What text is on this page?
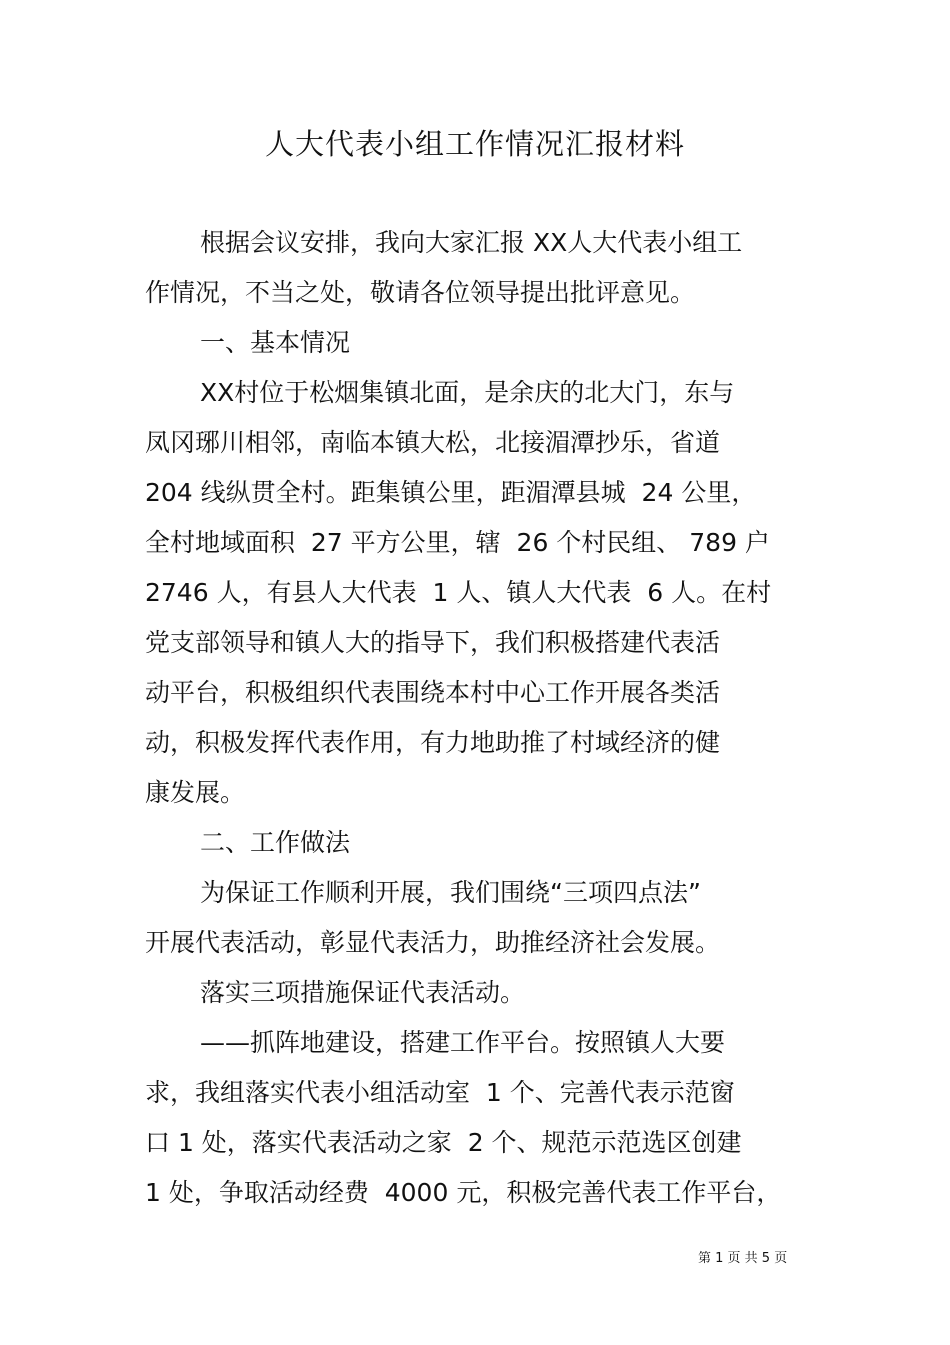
人大代表小组工作情况汇报材料

根据会议安排，我向大家汇报 XX人大代表小组工

作情况，不当之处，敬请各位领导提出批评意见。

一、基本情况

XX村位于松烟集镇北面，是余庆的北大门，东与

凤冈琊川相邻，南临本镇大松，北接湄潭抄乐，省道

204 线纵贯全村。距集镇公里，距湄潭县城  24 公里，

全村地域面积  27 平方公里，辖  26 个村民组、 789 户

2746 人，有县人大代表  1 人、镇人大代表  6 人。在村

党支部领导和镇人大的指导下，我们积极搭建代表活

动平台，积极组织代表围绕本村中心工作开展各类活

动，积极发挥代表作用，有力地助推了村域经济的健

康发展。

二、工作做法

为保证工作顺利开展，我们围绕“三项四点法”

开展代表活动，彰显代表活力，助推经济社会发展。

落实三项措施保证代表活动。

——抓阵地建设，搭建工作平台。按照镇人大要

求，我组落实代表小组活动室  1 个、完善代表示范窗

口 1 处，落实代表活动之家  2 个、规范示范选区创建

1 处，争取活动经费  4000 元，积极完善代表工作平台，

第 1 页 共 5 页
